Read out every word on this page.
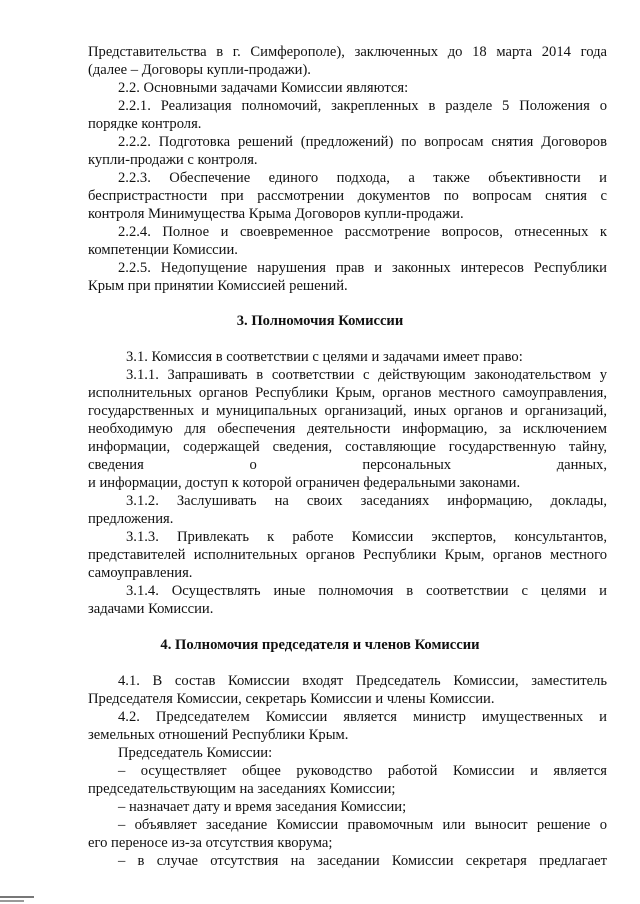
Представительства в г. Симферополе), заключенных до 18 марта 2014 года
(далее – Договоры купли-продажи).
2.2. Основными задачами Комиссии являются:
2.2.1. Реализация полномочий, закрепленных в разделе 5 Положения о
порядке контроля.
2.2.2. Подготовка решений (предложений) по вопросам снятия Договоров
купли-продажи с контроля.
2.2.3. Обеспечение единого подхода, а также объективности и
беспристрастности при рассмотрении документов по вопросам снятия с
контроля Минимущества Крыма Договоров купли-продажи.
2.2.4. Полное и своевременное рассмотрение вопросов, отнесенных к
компетенции Комиссии.
2.2.5. Недопущение нарушения прав и законных интересов Республики
Крым при принятии Комиссией решений.
3. Полномочия Комиссии
3.1. Комиссия в соответствии с целями и задачами имеет право:
3.1.1. Запрашивать в соответствии с действующим законодательством у
исполнительных органов Республики Крым, органов местного самоуправления,
государственных и муниципальных организаций, иных органов и организаций,
необходимую для обеспечения деятельности информацию, за исключением
информации, содержащей сведения, составляющие государственную тайну,
сведения о персональных данных,
и информации, доступ к которой ограничен федеральными законами.
3.1.2. Заслушивать на своих заседаниях информацию, доклады,
предложения.
3.1.3. Привлекать к работе Комиссии экспертов, консультантов,
представителей исполнительных органов Республики Крым, органов местного
самоуправления.
3.1.4. Осуществлять иные полномочия в соответствии с целями и
задачами Комиссии.
4. Полномочия председателя и членов Комиссии
4.1. В состав Комиссии входят Председатель Комиссии, заместитель
Председателя Комиссии, секретарь Комиссии и члены Комиссии.
4.2. Председателем Комиссии является министр имущественных и
земельных отношений Республики Крым.
Председатель Комиссии:
– осуществляет общее руководство работой Комиссии и является
председательствующим на заседаниях Комиссии;
– назначает дату и время заседания Комиссии;
– объявляет заседание Комиссии правомочным или выносит решение о
его переносе из-за отсутствия кворума;
– в случае отсутствия на заседании Комиссии секретаря предлагает
